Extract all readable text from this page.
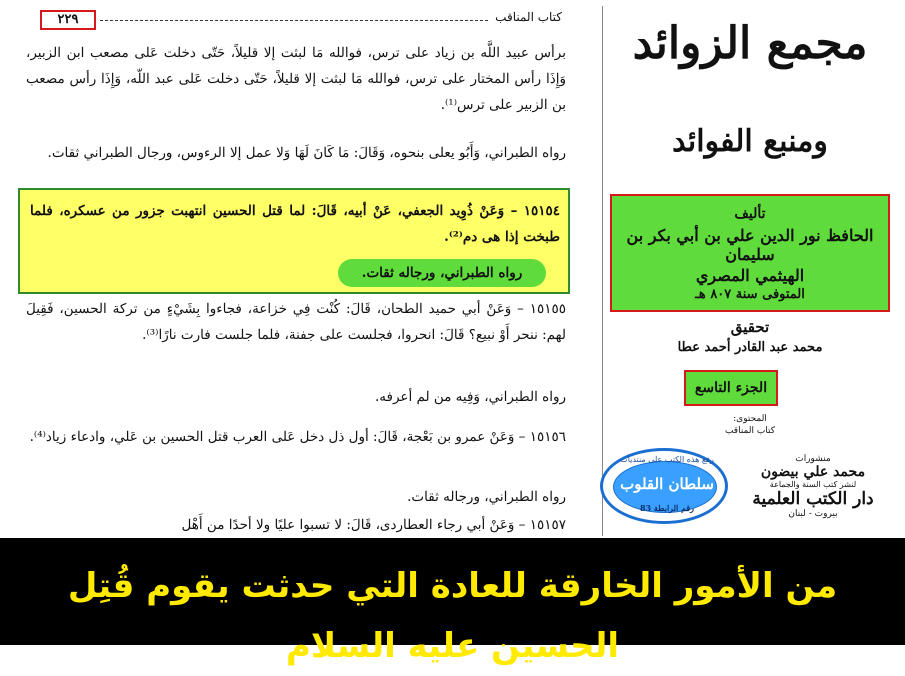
٢٢٩	كتاب المناقب

برأس عبيد اللَّه بن زياد على ترس، فوالله مَا لبثت إلا قليلاً، حَتّى دخلت عَلى مصعب ابن الزبير، وَإِذَا رأس المختار على ترس، فوالله مَا لبثت إلا قليلاً، حَتّى دخلت عَلى عبد اللّه، وَإِذَا رأس مصعب بن الزبير على ترس⁽¹⁾.

رواه الطبراني، وَأَبُو يعلى بنحوه، وَقَالَ: مَا كَانَ لَهَا وَلا عمل إلا الرءوس، ورجال الطبراني ثقات.

١٥١٥٤ – وَعَنْ ذُوِيد الجعفي، عَنْ أبيه، قَالَ: لما قتل الحسين انتهبت جزور من عسكره، فلما طبخت إذا هى دم⁽²⁾.

رواه الطبراني، ورجاله ثقات.

١٥١٥٥ – وَعَنْ أبي حميد الطحان، قَالَ: كُنْت فِي خزاعة، فجاءوا بِشَيْءٍ من تركة الحسين، فَقِيلَ لهم: ننحر أَوْ نبيع؟ قَالَ: انحروا، فجلست على جفنة، فلما جلست فارت نارًا⁽³⁾.

رواه الطبراني، وَفِيه من لم أعرفه.

١٥١٥٦ – وَعَنْ عمرو بن بَعْجة، قَالَ: أول ذل دخل عَلى العرب قتل الحسين بن عَلي، وادعاء زياد⁽⁴⁾.

رواه الطبراني، ورجاله ثقات.

١٥١٥٧ – وَعَنْ أبي رجاء العطاردى، قَالَ: لا تسبوا عليًا ولا أحدًا من أَهْل

مجمع الزوائد
ومنبع الفوائد
تأليف
الحافظ نور الدين علي بن أبي بكر بن سليمان
الهيثمي المصري
المتوفى سنة ٨٠٧ هـ
تحقيق
محمد عبد القادر أحمد عطا
الجزء التاسع
المحتوى:
كتاب المناقب
رفع هذه الكتب على منتديات
سلطان القلوب
رقم الرابطة 83
منشورات
محمد علي بيضون
لنشر كتب السنة والجماعة
دار الكتب العلمية
بيروت - لبنان
من الأمور الخارقة للعادة التي حدثت يقوم قُتِل الحسين عليه السلام
